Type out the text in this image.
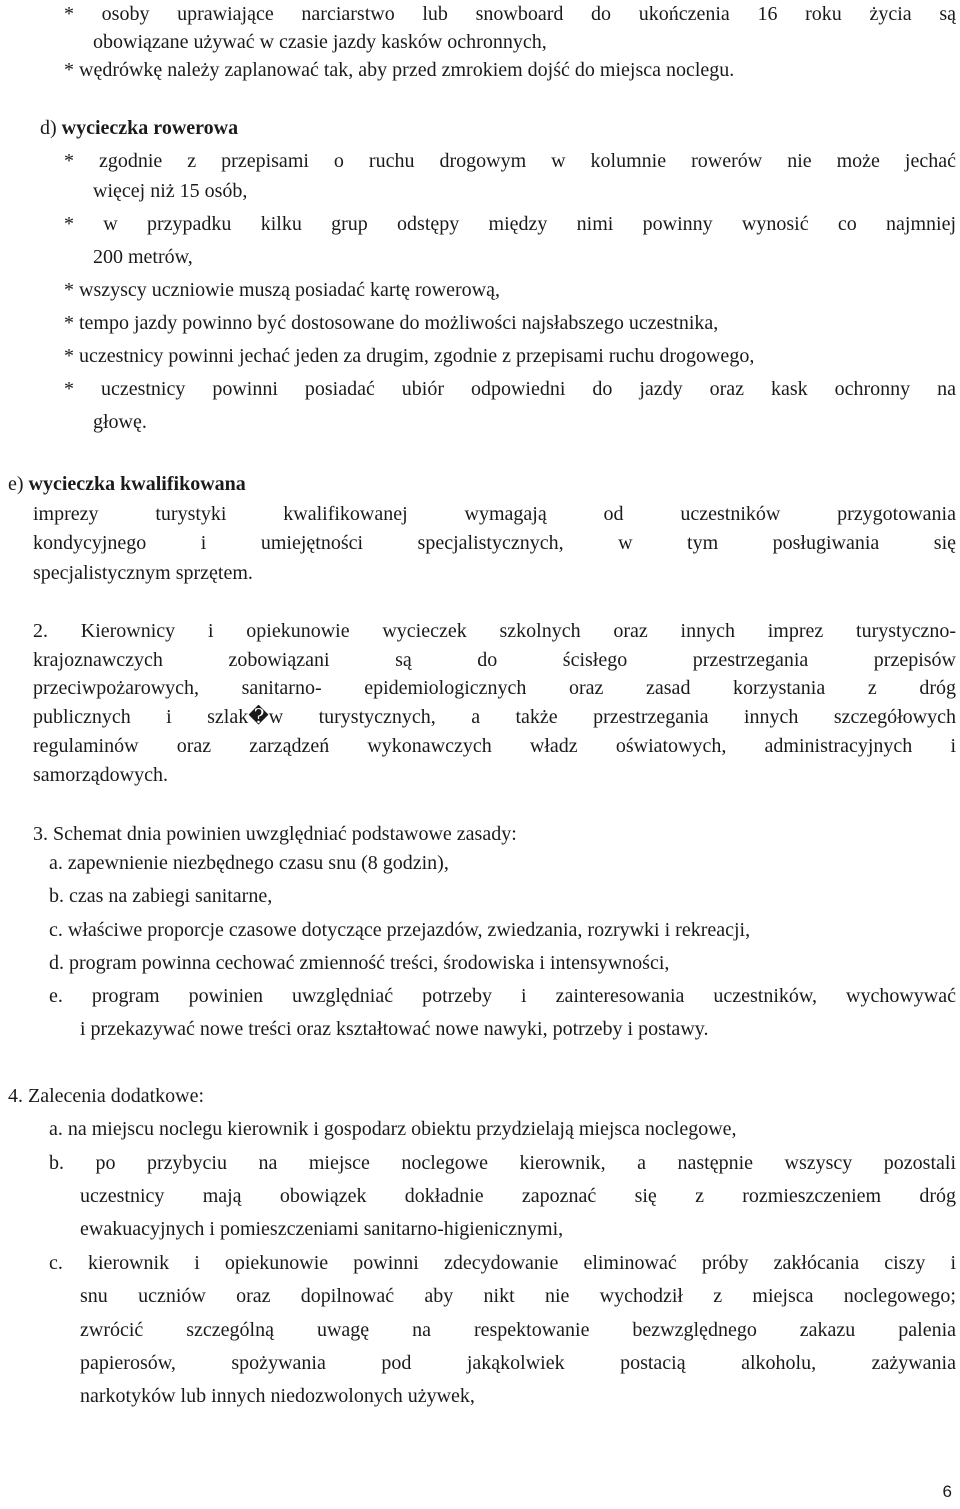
* osoby uprawiające narciarstwo lub snowboard do ukończenia 16 roku życia są
obowiązane używać w czasie jazdy kasków ochronnych,
* wędrówkę należy zaplanować tak, aby przed zmrokiem dojść do miejsca noclegu.
d) wycieczka rowerowa
* zgodnie z przepisami o ruchu drogowym w kolumnie rowerów nie może jechać
więcej niż 15 osób,
* w przypadku kilku grup odstępy między nimi powinny wynosić co najmniej
200 metrów,
* wszyscy uczniowie muszą posiadać kartę rowerową,
* tempo jazdy powinno być dostosowane do możliwości najsłabszego uczestnika,
* uczestnicy powinni jechać jeden za drugim, zgodnie z przepisami ruchu drogowego,
* uczestnicy powinni posiadać ubiór odpowiedni do jazdy oraz kask ochronny na
głowę.
e) wycieczka kwalifikowana
imprezy turystyki kwalifikowanej wymagają od uczestników przygotowania
kondycyjnego i umiejętności specjalistycznych, w tym posługiwania się
specjalistycznym sprzętem.
2. Kierownicy i opiekunowie wycieczek szkolnych oraz innych imprez turystyczno-
krajoznawczych zobowiązani są do ścisłego przestrzegania przepisów
przeciwpożarowych, sanitarno- epidemiologicznych oraz zasad korzystania z dróg
publicznych i szlak�w turystycznych, a także przestrzegania innych szczegółowych
regulaminów oraz zarządzeń wykonawczych władz oświatowych, administracyjnych i
samorządowych.
3. Schemat dnia powinien uwzględniać podstawowe zasady:
a. zapewnienie niezbędnego czasu snu (8 godzin),
b. czas na zabiegi sanitarne,
c. właściwe proporcje czasowe dotyczące przejazdów, zwiedzania, rozrywki i rekreacji,
d. program powinna cechować zmienność treści, środowiska i intensywności,
e. program powinien uwzględniać potrzeby i zainteresowania uczestników, wychowywać
i przekazywać nowe treści oraz kształtować nowe nawyki, potrzeby i postawy.
4. Zalecenia dodatkowe:
a. na miejscu noclegu kierownik i gospodarz obiektu przydzielają miejsca noclegowe,
b. po przybyciu na miejsce noclegowe kierownik, a następnie wszyscy pozostali
uczestnicy mają obowiązek dokładnie zapoznać się z rozmieszczeniem dróg
ewakuacyjnych i pomieszczeniami sanitarno-higienicznymi,
c. kierownik i opiekunowie powinni zdecydowanie eliminować próby zakłócania ciszy i
snu uczniów oraz dopilnować aby nikt nie wychodził z miejsca noclegowego;
zwrócić szczególną uwagę na respektowanie bezwzględnego zakazu palenia
papierosów, spożywania pod jakąkolwiek postacią alkoholu, zażywania
narkotyków lub innych niedozwolonych używek,
6
